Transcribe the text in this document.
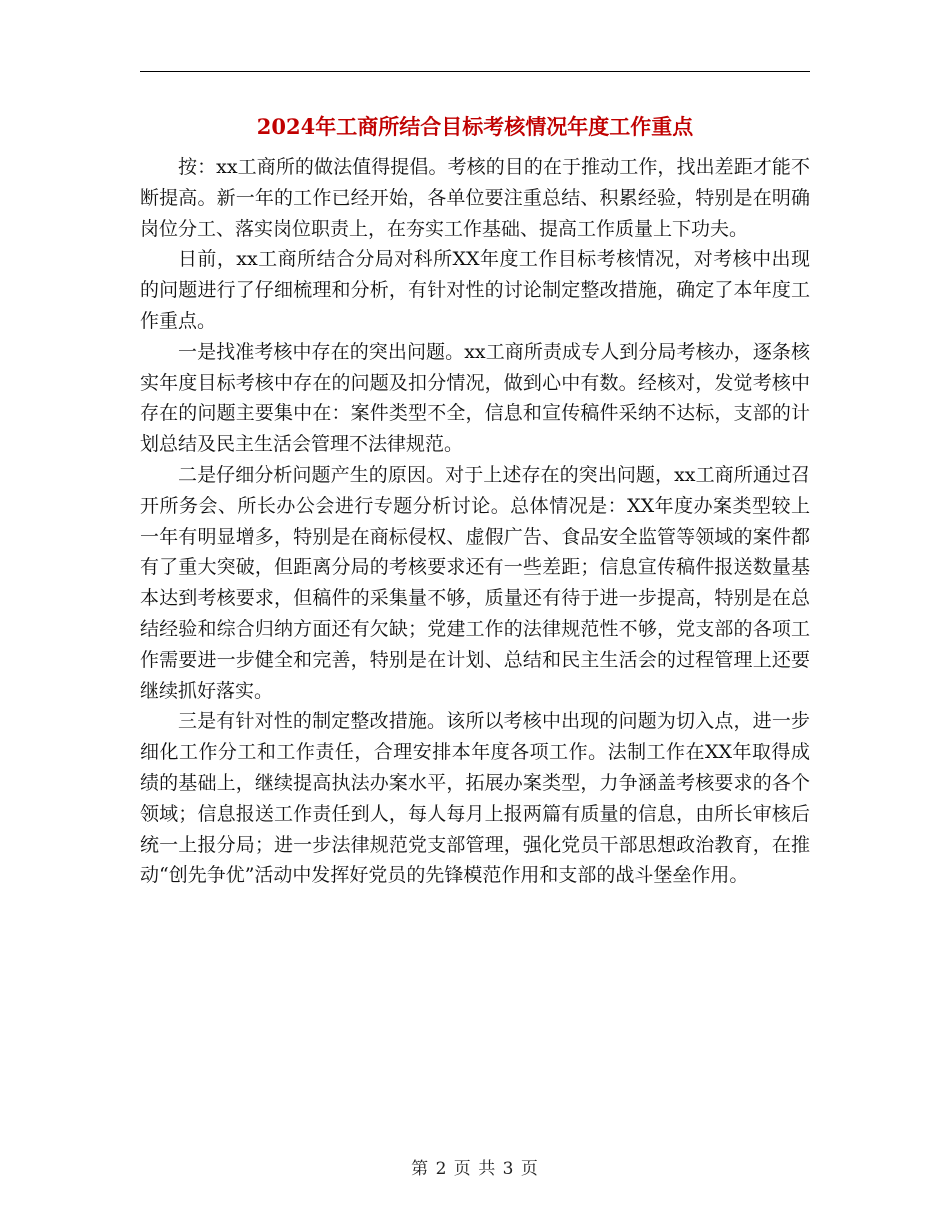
2024年工商所结合目标考核情况年度工作重点

按：xx工商所的做法值得提倡。考核的目的在于推动工作，找出差距才能不断提高。新一年的工作已经开始，各单位要注重总结、积累经验，特别是在明确岗位分工、落实岗位职责上，在夯实工作基础、提高工作质量上下功夫。

日前，xx工商所结合分局对科所XX年度工作目标考核情况，对考核中出现的问题进行了仔细梳理和分析，有针对性的讨论制定整改措施，确定了本年度工作重点。

一是找准考核中存在的突出问题。xx工商所责成专人到分局考核办，逐条核实年度目标考核中存在的问题及扣分情况，做到心中有数。经核对，发觉考核中存在的问题主要集中在：案件类型不全，信息和宣传稿件采纳不达标，支部的计划总结及民主生活会管理不法律规范。

二是仔细分析问题产生的原因。对于上述存在的突出问题，xx工商所通过召开所务会、所长办公会进行专题分析讨论。总体情况是：XX年度办案类型较上一年有明显增多，特别是在商标侵权、虚假广告、食品安全监管等领域的案件都有了重大突破，但距离分局的考核要求还有一些差距；信息宣传稿件报送数量基本达到考核要求，但稿件的采集量不够，质量还有待于进一步提高，特别是在总结经验和综合归纳方面还有欠缺；党建工作的法律规范性不够，党支部的各项工作需要进一步健全和完善，特别是在计划、总结和民主生活会的过程管理上还要继续抓好落实。

三是有针对性的制定整改措施。该所以考核中出现的问题为切入点，进一步细化工作分工和工作责任，合理安排本年度各项工作。法制工作在XX年取得成绩的基础上，继续提高执法办案水平，拓展办案类型，力争涵盖考核要求的各个领域；信息报送工作责任到人，每人每月上报两篇有质量的信息，由所长审核后统一上报分局；进一步法律规范党支部管理，强化党员干部思想政治教育，在推动“创先争优”活动中发挥好党员的先锋模范作用和支部的战斗堡垒作用。

第 2 页 共 3 页
